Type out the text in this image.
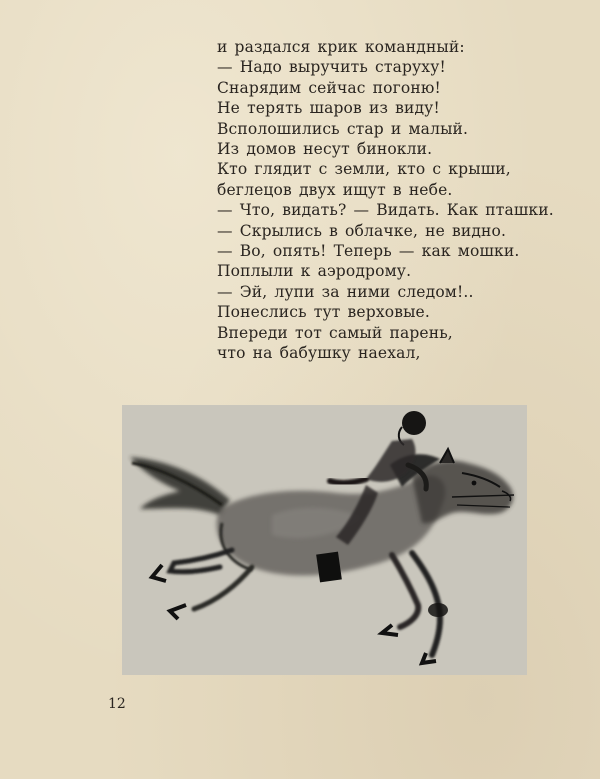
и раздался крик командный:
— Надо выручить старуху!
Снарядим сейчас погоню!
Не терять шаров из виду!
Всполошились стар и малый.
Из домов несут бинокли.
Кто глядит с земли, кто с крыши,
беглецов двух ищут в небе.
— Что, видать? — Видать. Как пташки.
— Скрылись в облачке, не видно.
— Во, опять! Теперь — как мошки.
Поплыли к аэродрому.
— Эй, лупи за ними следом!..
Понеслись тут верховые.
Впереди тот самый парень,
что на бабушку наехал,
12
